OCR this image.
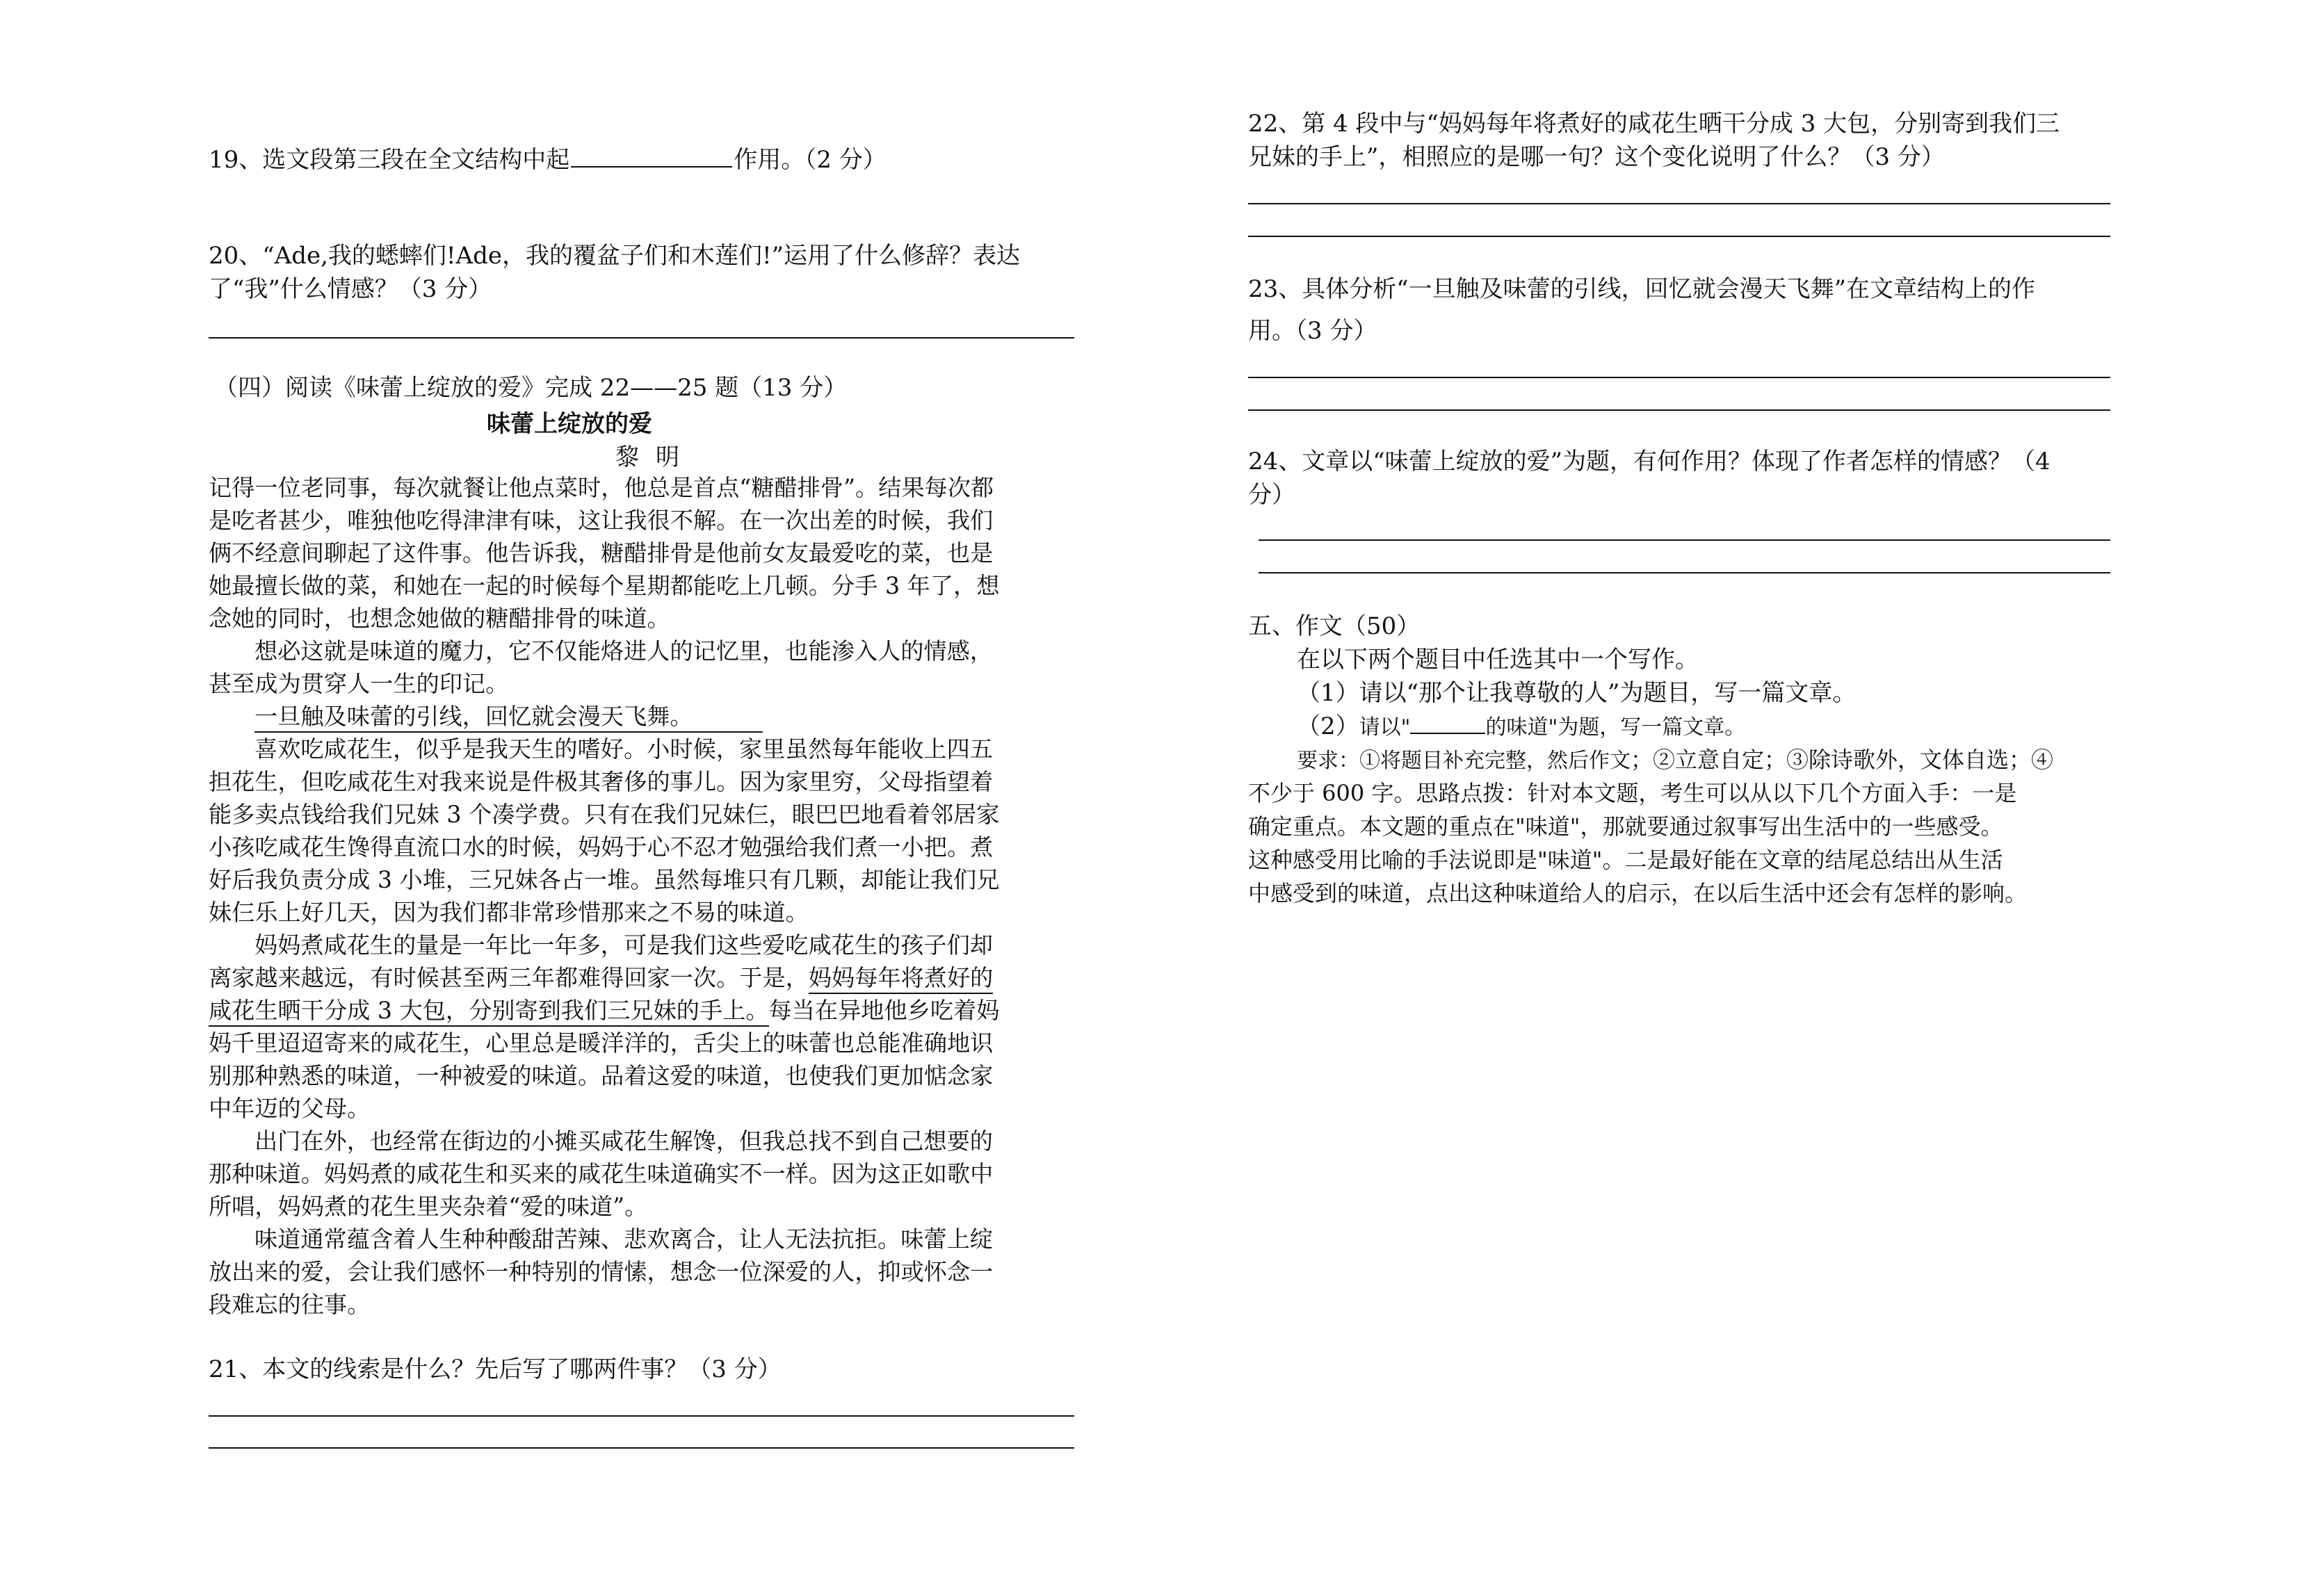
19、选文段第三段在全文结构中起	作用。（2 分）
20、“Ade,我的蟋蟀们!Ade，我的覆盆子们和木莲们!”运用了什么修辞？表达
了“我”什么情感？（3 分）
（四）阅读《味蕾上绽放的爱》完成 22——25 题（13 分）
味蕾上绽放的爱
黎明

记得一位老同事，每次就餐让他点菜时，他总是首点“糖醋排骨”。结果每次都

是吃者甚少，唯独他吃得津津有味，这让我很不解。在一次出差的时候，我们

俩不经意间聊起了这件事。他告诉我，糖醋排骨是他前女友最爱吃的菜，也是

她最擅长做的菜，和她在一起的时候每个星期都能吃上几顿。分手 3 年了，想

念她的同时，也想念她做的糖醋排骨的味道。

想必这就是味道的魔力，它不仅能烙进人的记忆里，也能渗入人的情感，

甚至成为贯穿人一生的印记。

一旦触及味蕾的引线，回忆就会漫天飞舞。

喜欢吃咸花生，似乎是我天生的嗜好。小时候，家里虽然每年能收上四五

担花生，但吃咸花生对我来说是件极其奢侈的事儿。因为家里穷，父母指望着

能多卖点钱给我们兄妹 3 个凑学费。只有在我们兄妹仨，眼巴巴地看着邻居家

小孩吃咸花生馋得直流口水的时候，妈妈于心不忍才勉强给我们煮一小把。煮

好后我负责分成 3 小堆，三兄妹各占一堆。虽然每堆只有几颗，却能让我们兄

妹仨乐上好几天，因为我们都非常珍惜那来之不易的味道。

妈妈煮咸花生的量是一年比一年多，可是我们这些爱吃咸花生的孩子们却

离家越来越远，有时候甚至两三年都难得回家一次。于是，妈妈每年将煮好的

咸花生晒干分成 3 大包，分别寄到我们三兄妹的手上。每当在异地他乡吃着妈

妈千里迢迢寄来的咸花生，心里总是暖洋洋的，舌尖上的味蕾也总能准确地识

别那种熟悉的味道，一种被爱的味道。品着这爱的味道，也使我们更加惦念家

中年迈的父母。

出门在外，也经常在街边的小摊买咸花生解馋，但我总找不到自己想要的

那种味道。妈妈煮的咸花生和买来的咸花生味道确实不一样。因为这正如歌中

所唱，妈妈煮的花生里夹杂着“爱的味道”。

味道通常蕴含着人生种种酸甜苦辣、悲欢离合，让人无法抗拒。味蕾上绽

放出来的爱，会让我们感怀一种特别的情愫，想念一位深爱的人，抑或怀念一

段难忘的往事。

21、本文的线索是什么？先后写了哪两件事？（3 分）
22、第 4 段中与“妈妈每年将煮好的咸花生晒干分成 3 大包，分别寄到我们三
兄妹的手上”，相照应的是哪一句？这个变化说明了什么？（3 分）
23、具体分析“一旦触及味蕾的引线，回忆就会漫天飞舞”在文章结构上的作
用。（3 分）
24、文章以“味蕾上绽放的爱”为题，有何作用？体现了作者怎样的情感？（4
分）
五、作文（50）
在以下两个题目中任选其中一个写作。
（1）请以“那个让我尊敬的人”为题目，写一篇文章。
（2）请以"	的味道"为题，写一篇文章。
要求：①将题目补充完整，然后作文；②立意自定；③除诗歌外，文体自选；④
不少于 600 字。思路点拨：针对本文题，考生可以从以下几个方面入手：一是
确定重点。本文题的重点在"味道"，那就要通过叙事写出生活中的一些感受。
这种感受用比喻的手法说即是"味道"。二是最好能在文章的结尾总结出从生活
中感受到的味道，点出这种味道给人的启示，在以后生活中还会有怎样的影响。
